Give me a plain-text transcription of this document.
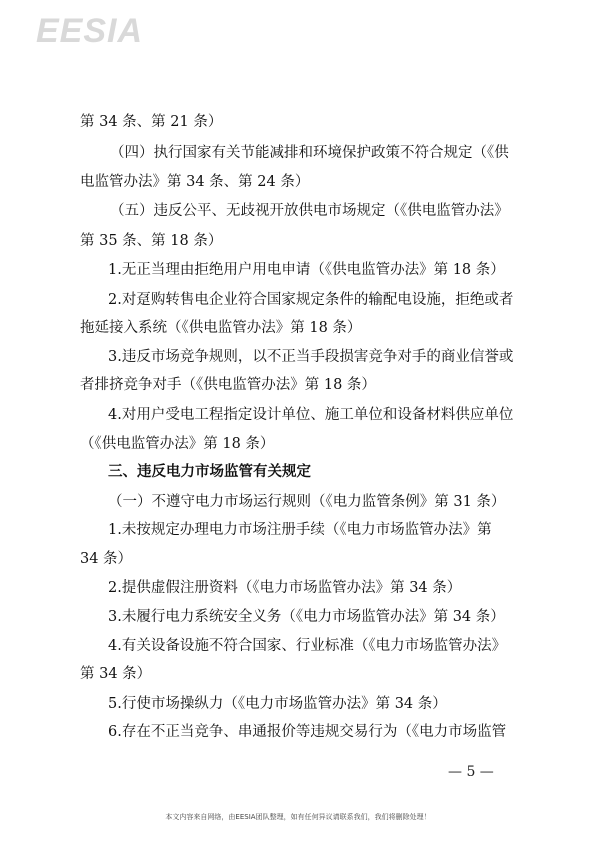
EESIA
第 34 条、第 21 条）
（四）执行国家有关节能减排和环境保护政策不符合规定（《供
电监管办法》第 34 条、第 24 条）
（五）违反公平、无歧视开放供电市场规定（《供电监管办法》
第 35 条、第 18 条）
1.无正当理由拒绝用户用电申请（《供电监管办法》第 18 条）
2.对趸购转售电企业符合国家规定条件的输配电设施，拒绝或者
拖延接入系统（《供电监管办法》第 18 条）
3.违反市场竞争规则，以不正当手段损害竞争对手的商业信誉或
者排挤竞争对手（《供电监管办法》第 18 条）
4.对用户受电工程指定设计单位、施工单位和设备材料供应单位
（《供电监管办法》第 18 条）
三、违反电力市场监管有关规定
（一）不遵守电力市场运行规则（《电力监管条例》第 31 条）
1.未按规定办理电力市场注册手续（《电力市场监管办法》第
34 条）
2.提供虚假注册资料（《电力市场监管办法》第 34 条）
3.未履行电力系统安全义务（《电力市场监管办法》第 34 条）
4.有关设备设施不符合国家、行业标准（《电力市场监管办法》
第 34 条）
5.行使市场操纵力（《电力市场监管办法》第 34 条）
6.存在不正当竞争、串通报价等违规交易行为（《电力市场监管
— 5 —
本文内容来自网络，由EESIA团队整理，如有任何异议请联系我们，我们将删除处理！
